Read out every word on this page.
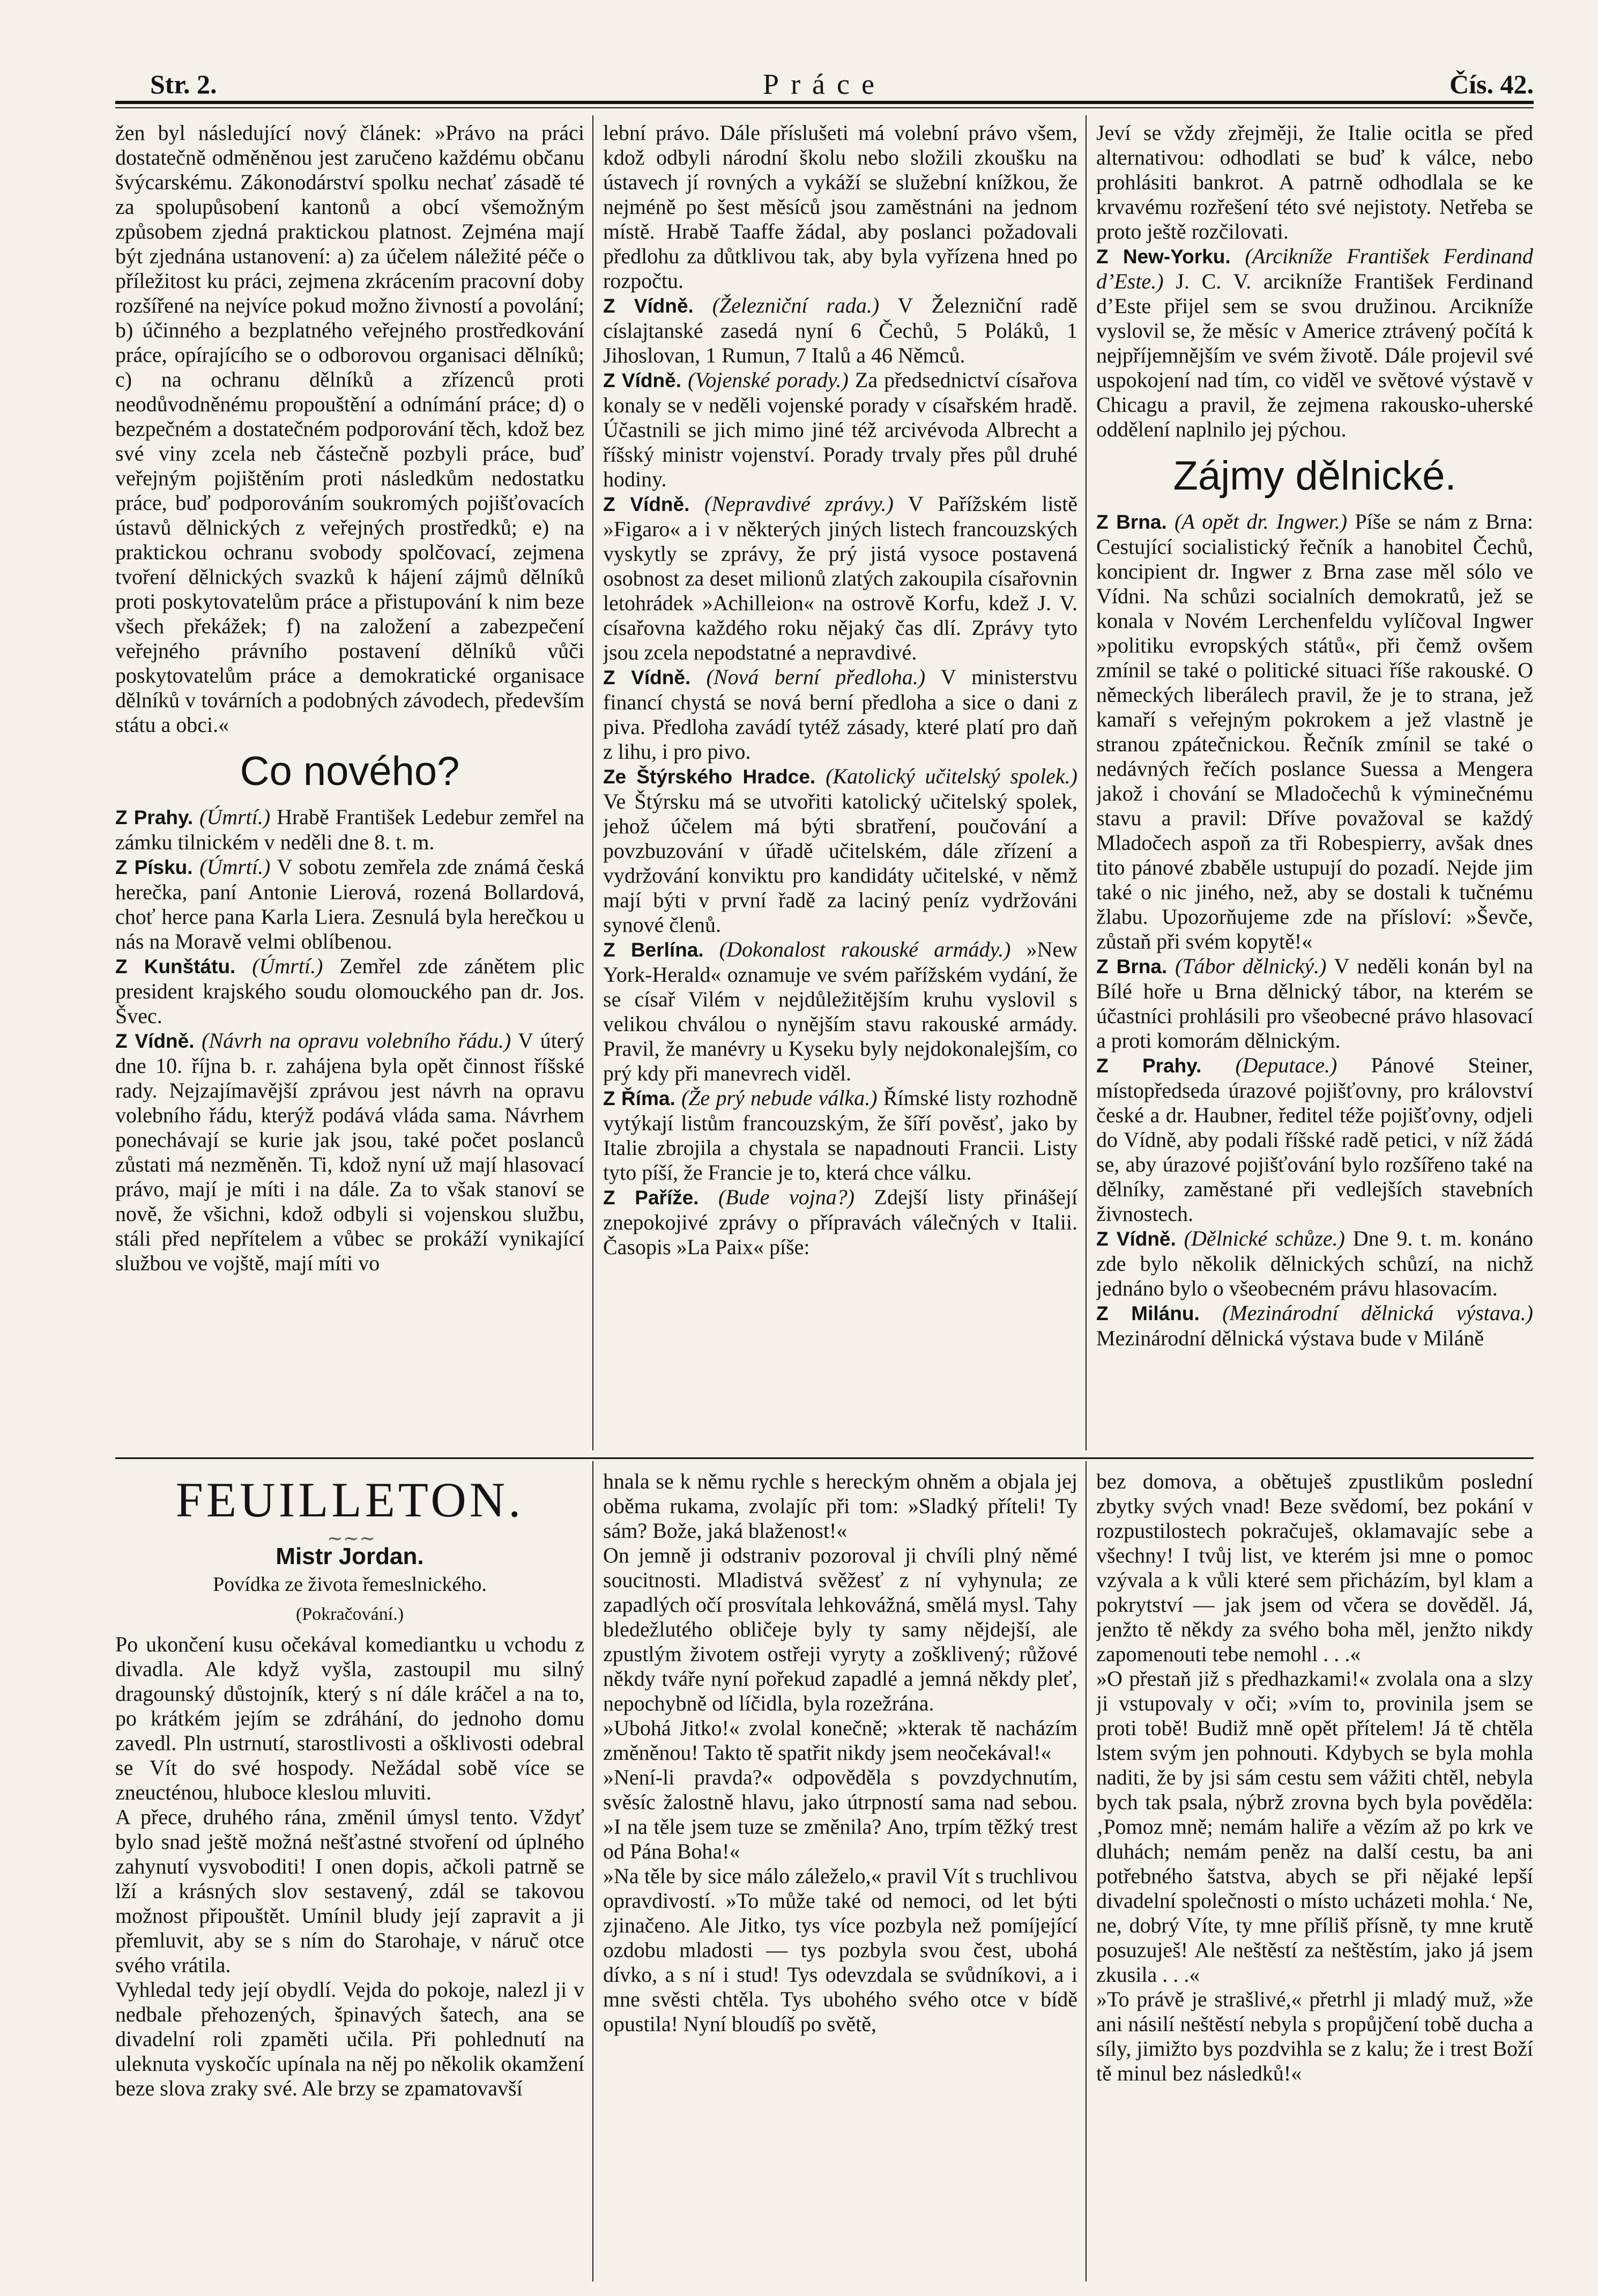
Str. 2.	Práce	Čís. 42.

žen byl následující nový článek: »Právo na práci dostatečně odměněnou jest zaručeno každému občanu švýcarskému. Zákonodárství spolku nechať zásadě té za spolupůsobení kantonů a obcí všemožným způsobem zjedná praktickou platnost. Zejména mají být zjednána ustanovení: a) za účelem náležité péče o příležitost ku práci, zejmena zkrácením pracovní doby rozšířené na nejvíce pokud možno živností a povolání; b) účinného a bezplatného veřejného prostředkování práce, opírajícího se o odborovou organisaci dělníků; c) na ochranu dělníků a zřízenců proti neodůvodněnému propouštění a odnímání práce; d) o bezpečném a dostatečném podporování těch, kdož bez své viny zcela neb částečně pozbyli práce, buď veřejným pojištěním proti následkům nedostatku práce, buď podporováním soukromých pojišťovacích ústavů dělnických z veřejných prostředků; e) na praktickou ochranu svobody spolčovací, zejmena tvoření dělnických svazků k hájení zájmů dělníků proti poskytovatelům práce a přistupování k nim beze všech překážek; f) na založení a zabezpečení veřejného právního postavení dělníků vůči poskytovatelům práce a demokratické organisace dělníků v továrních a podobných závodech, především státu a obci.«

Co nového?

Z Prahy. (Úmrtí.) Hrabě František Ledebur zemřel na zámku tilnickém v neděli dne 8. t. m.

Z Písku. (Úmrtí.) V sobotu zemřela zde známá česká herečka, paní Antonie Lierová, rozená Bollardová, choť herce pana Karla Liera. Zesnulá byla herečkou u nás na Moravě velmi oblíbenou.

Z Kunštátu. (Úmrtí.) Zemřel zde zánětem plic president krajského soudu olomouckého pan dr. Jos. Švec.

Z Vídně. (Návrh na opravu volebního řádu.) V úterý dne 10. října b. r. zahájena byla opět činnost říšské rady. Nejzajímavější zprávou jest návrh na opravu volebního řádu, kterýž podává vláda sama. Návrhem ponechávají se kurie jak jsou, také počet poslanců zůstati má nezměněn. Ti, kdož nyní už mají hlasovací právo, mají je míti i na dále. Za to však stanoví se nově, že všichni, kdož odbyli si vojenskou službu, stáli před nepřítelem a vůbec se prokáží vynikající službou ve vojště, mají míti vo

lební právo. Dále příslušeti má volební právo všem, kdož odbyli národní školu nebo složili zkoušku na ústavech jí rovných a vykáží se služební knížkou, že nejméně po šest měsíců jsou zaměstnáni na jednom místě. Hrabě Taaffe žádal, aby poslanci požadovali předlohu za důtklivou tak, aby byla vyřízena hned po rozpočtu.

Z Vídně. (Železniční rada.) V Železniční radě císlajtanské zasedá nyní 6 Čechů, 5 Poláků, 1 Jihoslovan, 1 Rumun, 7 Italů a 46 Němců.

Z Vídně. (Vojenské porady.) Za předsednictví císařova konaly se v neděli vojenské porady v císařském hradě. Účastnili se jich mimo jiné též arcivévoda Albrecht a říšský ministr vojenství. Porady trvaly přes půl druhé hodiny.

Z Vídně. (Nepravdivé zprávy.) V Pařížském listě »Figaro« a i v některých jiných listech francouzských vyskytly se zprávy, že prý jistá vysoce postavená osobnost za deset milionů zlatých zakoupila císařovnin letohrádek »Achilleion« na ostrově Korfu, kdež J. V. císařovna každého roku nějaký čas dlí. Zprávy tyto jsou zcela nepodstatné a nepravdivé.

Z Vídně. (Nová berní předloha.) V ministerstvu financí chystá se nová berní předloha a sice o dani z piva. Předloha zavádí tytéž zásady, které platí pro daň z lihu, i pro pivo.

Ze Štýrského Hradce. (Katolický učitelský spolek.) Ve Štýrsku má se utvořiti katolický učitelský spolek, jehož účelem má býti sbratření, poučování a povzbuzování v úřadě učitelském, dále zřízení a vydržování konviktu pro kandidáty učitelské, v němž mají býti v první řadě za laciný peníz vydržováni synové členů.

Z Berlína. (Dokonalost rakouské armády.) »New York-Herald« oznamuje ve svém pařížském vydání, že se císař Vilém v nejdůležitějším kruhu vyslovil s velikou chválou o nynějším stavu rakouské armády. Pravil, že manévry u Kyseku byly nejdokonalejším, co prý kdy při manevrech viděl.

Z Říma. (Že prý nebude válka.) Římské listy rozhodně vytýkají listům francouzským, že šíří pověsť, jako by Italie zbrojila a chystala se napadnouti Francii. Listy tyto píší, že Francie je to, která chce válku.

Z Paříže. (Bude vojna?) Zdejší listy přinášejí znepokojivé zprávy o přípravách válečných v Italii. Časopis »La Paix« píše:

Jeví se vždy zřejměji, že Italie ocitla se před alternativou: odhodlati se buď k válce, nebo prohlásiti bankrot. A patrně odhodlala se ke krvavému rozřešení této své nejistoty. Netřeba se proto ještě rozčilovati.

Z New-Yorku. (Arcikníže František Ferdinand d’Este.) J. C. V. arcikníže František Ferdinand d’Este přijel sem se svou družinou. Arcikníže vyslovil se, že měsíc v Americe ztrávený počítá k nejpříjemnějším ve svém životě. Dále projevil své uspokojení nad tím, co viděl ve světové výstavě v Chicagu a pravil, že zejmena rakousko-uherské oddělení naplnilo jej pýchou.

Zájmy dělnické.

Z Brna. (A opět dr. Ingwer.) Píše se nám z Brna: Cestující socialistický řečník a hanobitel Čechů, koncipient dr. Ingwer z Brna zase měl sólo ve Vídni. Na schůzi socialních demokratů, jež se konala v Novém Lerchenfeldu vylíčoval Ingwer »politiku evropských států«, při čemž ovšem zmínil se také o politické situaci říše rakouské. O německých liberálech pravil, že je to strana, jež kamaří s veřejným pokrokem a jež vlastně je stranou zpátečnickou. Řečník zmínil se také o nedávných řečích poslance Suessa a Mengera jakož i chování se Mladočechů k výminečnému stavu a pravil: Dříve považoval se každý Mladočech aspoň za tři Robespierry, avšak dnes tito pánové zbaběle ustupují do pozadí. Nejde jim také o nic jiného, než, aby se dostali k tučnému žlabu. Upozorňujeme zde na přísloví: »Ševče, zůstaň při svém kopytě!«

Z Brna. (Tábor dělnický.) V neděli konán byl na Bílé hoře u Brna dělnický tábor, na kterém se účastníci prohlásili pro všeobecné právo hlasovací a proti komorám dělnickým.

Z Prahy. (Deputace.) Pánové Steiner, místopředseda úrazové pojišťovny, pro království české a dr. Haubner, ředitel téže pojišťovny, odjeli do Vídně, aby podali říšské radě petici, v níž žádá se, aby úrazové pojišťování bylo rozšířeno také na dělníky, zaměstané při vedlejších stavebních živnostech.

Z Vídně. (Dělnické schůze.) Dne 9. t. m. konáno zde bylo několik dělnických schůzí, na nichž jednáno bylo o všeobecném právu hlasovacím.

Z Milánu. (Mezinárodní dělnická výstava.) Mezinárodní dělnická výstava bude v Miláně

FEUILLETON.
∼∼∼
Mistr Jordan.
Povídka ze života řemeslnického.
(Pokračování.)

Po ukončení kusu očekával komediantku u vchodu z divadla. Ale když vyšla, zastoupil mu silný dragounský důstojník, který s ní dále kráčel a na to, po krátkém jejím se zdráhání, do jednoho domu zavedl. Pln ustrnutí, starostlivosti a ošklivosti odebral se Vít do své hospody. Nežádal sobě více se zneucténou, hluboce kleslou mluviti.

A přece, druhého rána, změnil úmysl tento. Vždyť bylo snad ještě možná nešťastné stvoření od úplného zahynutí vysvoboditi! I onen dopis, ačkoli patrně se lží a krásných slov sestavený, zdál se takovou možnost připouštět. Umínil bludy její zapravit a ji přemluvit, aby se s ním do Starohaje, v náruč otce svého vrátila.

Vyhledal tedy její obydlí. Vejda do pokoje, nalezl ji v nedbale přehozených, špinavých šatech, ana se divadelní roli zpaměti učila. Při pohlednutí na uleknuta vyskočíc upínala na něj po několik okamžení beze slova zraky své. Ale brzy se zpamatovavší

hnala se k němu rychle s hereckým ohněm a objala jej oběma rukama, zvolajíc při tom: »Sladký příteli! Ty sám? Bože, jaká blaženost!«

On jemně ji odstraniv pozoroval ji chvíli plný němé soucitnosti. Mladistvá svěžesť z ní vyhynula; ze zapadlých očí prosvítala lehkovážná, smělá mysl. Tahy bledežlutého obličeje byly ty samy nějdejší, ale zpustlým životem ostřeji vyryty a zošklivený; růžové někdy tváře nyní pořekud zapadlé a jemná někdy pleť, nepochybně od líčidla, byla rozežrána.

»Ubohá Jitko!« zvolal konečně; »kterak tě nacházím změněnou! Takto tě spatřit nikdy jsem neočekával!«

»Není-li pravda?« odpověděla s povzdychnutím, svěsíc žalostně hlavu, jako útrpností sama nad sebou. »I na těle jsem tuze se změnila? Ano, trpím těžký trest od Pána Boha!«

»Na těle by sice málo záleželo,« pravil Vít s truchlivou opravdivostí. »To může také od nemoci, od let býti zjinačeno. Ale Jitko, tys více pozbyla než pomíjející ozdobu mladosti — tys pozbyla svou čest, ubohá dívko, a s ní i stud! Tys odevzdala se svůdníkovi, a i mne svěsti chtěla. Tys ubohého svého otce v bídě opustila! Nyní bloudíš po světě,

bez domova, a obětuješ zpustlikům poslední zbytky svých vnad! Beze svědomí, bez pokání v rozpustilostech pokračuješ, oklamavajíc sebe a všechny! I tvůj list, ve kterém jsi mne o pomoc vzývala a k vůli které sem přicházím, byl klam a pokrytství — jak jsem od včera se dověděl. Já, jenžto tě někdy za svého boha měl, jenžto nikdy zapomenouti tebe nemohl . . .«

»O přestaň již s předhazkami!« zvolala ona a slzy ji vstupovaly v oči; »vím to, provinila jsem se proti tobě! Budiž mně opět přítelem! Já tě chtěla lstem svým jen pohnouti. Kdybych se byla mohla naditi, že by jsi sám cestu sem vážiti chtěl, nebyla bych tak psala, nýbrž zrovna bych byla pověděla: ‚Pomoz mně; nemám haliře a vězím až po krk ve dluhách; nemám peněz na další cestu, ba ani potřebného šatstva, abych se při nějaké lepší divadelní společnosti o místo ucházeti mohla.‘ Ne, ne, dobrý Víte, ty mne příliš přísně, ty mne krutě posuzuješ! Ale neštěstí za neštěstím, jako já jsem zkusila . . .«

»To právě je strašlivé,« přetrhl ji mladý muž, »že ani násilí neštěstí nebyla s propůjčení tobě ducha a síly, jimižto bys pozdvihla se z kalu; že i trest Boží tě minul bez následků!«
